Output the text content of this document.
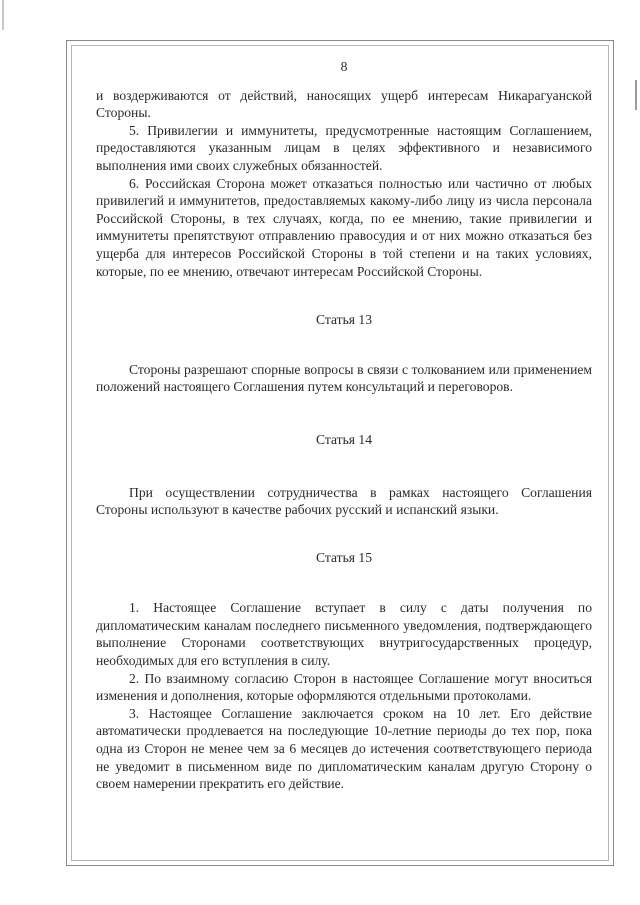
8

и воздерживаются от действий, наносящих ущерб интересам Никарагуанской Стороны.

5. Привилегии и иммунитеты, предусмотренные настоящим Соглашением, предоставляются указанным лицам в целях эффективного и независимого выполнения ими своих служебных обязанностей.

6. Российская Сторона может отказаться полностью или частично от любых привилегий и иммунитетов, предоставляемых какому-либо лицу из числа персонала Российской Стороны, в тех случаях, когда, по ее мнению, такие привилегии и иммунитеты препятствуют отправлению правосудия и от них можно отказаться без ущерба для интересов Российской Стороны в той степени и на таких условиях, которые, по ее мнению, отвечают интересам Российской Стороны.

Статья 13

Стороны разрешают спорные вопросы в связи с толкованием или применением положений настоящего Соглашения путем консультаций и переговоров.

Статья 14

При осуществлении сотрудничества в рамках настоящего Соглашения Стороны используют в качестве рабочих русский и испанский языки.

Статья 15

1. Настоящее Соглашение вступает в силу с даты получения по дипломатическим каналам последнего письменного уведомления, подтверждающего выполнение Сторонами соответствующих внутригосударственных процедур, необходимых для его вступления в силу.

2. По взаимному согласию Сторон в настоящее Соглашение могут вноситься изменения и дополнения, которые оформляются отдельными протоколами.

3. Настоящее Соглашение заключается сроком на 10 лет. Его действие автоматически продлевается на последующие 10-летние периоды до тех пор, пока одна из Сторон не менее чем за 6 месяцев до истечения соответствующего периода не уведомит в письменном виде по дипломатическим каналам другую Сторону о своем намерении прекратить его действие.
